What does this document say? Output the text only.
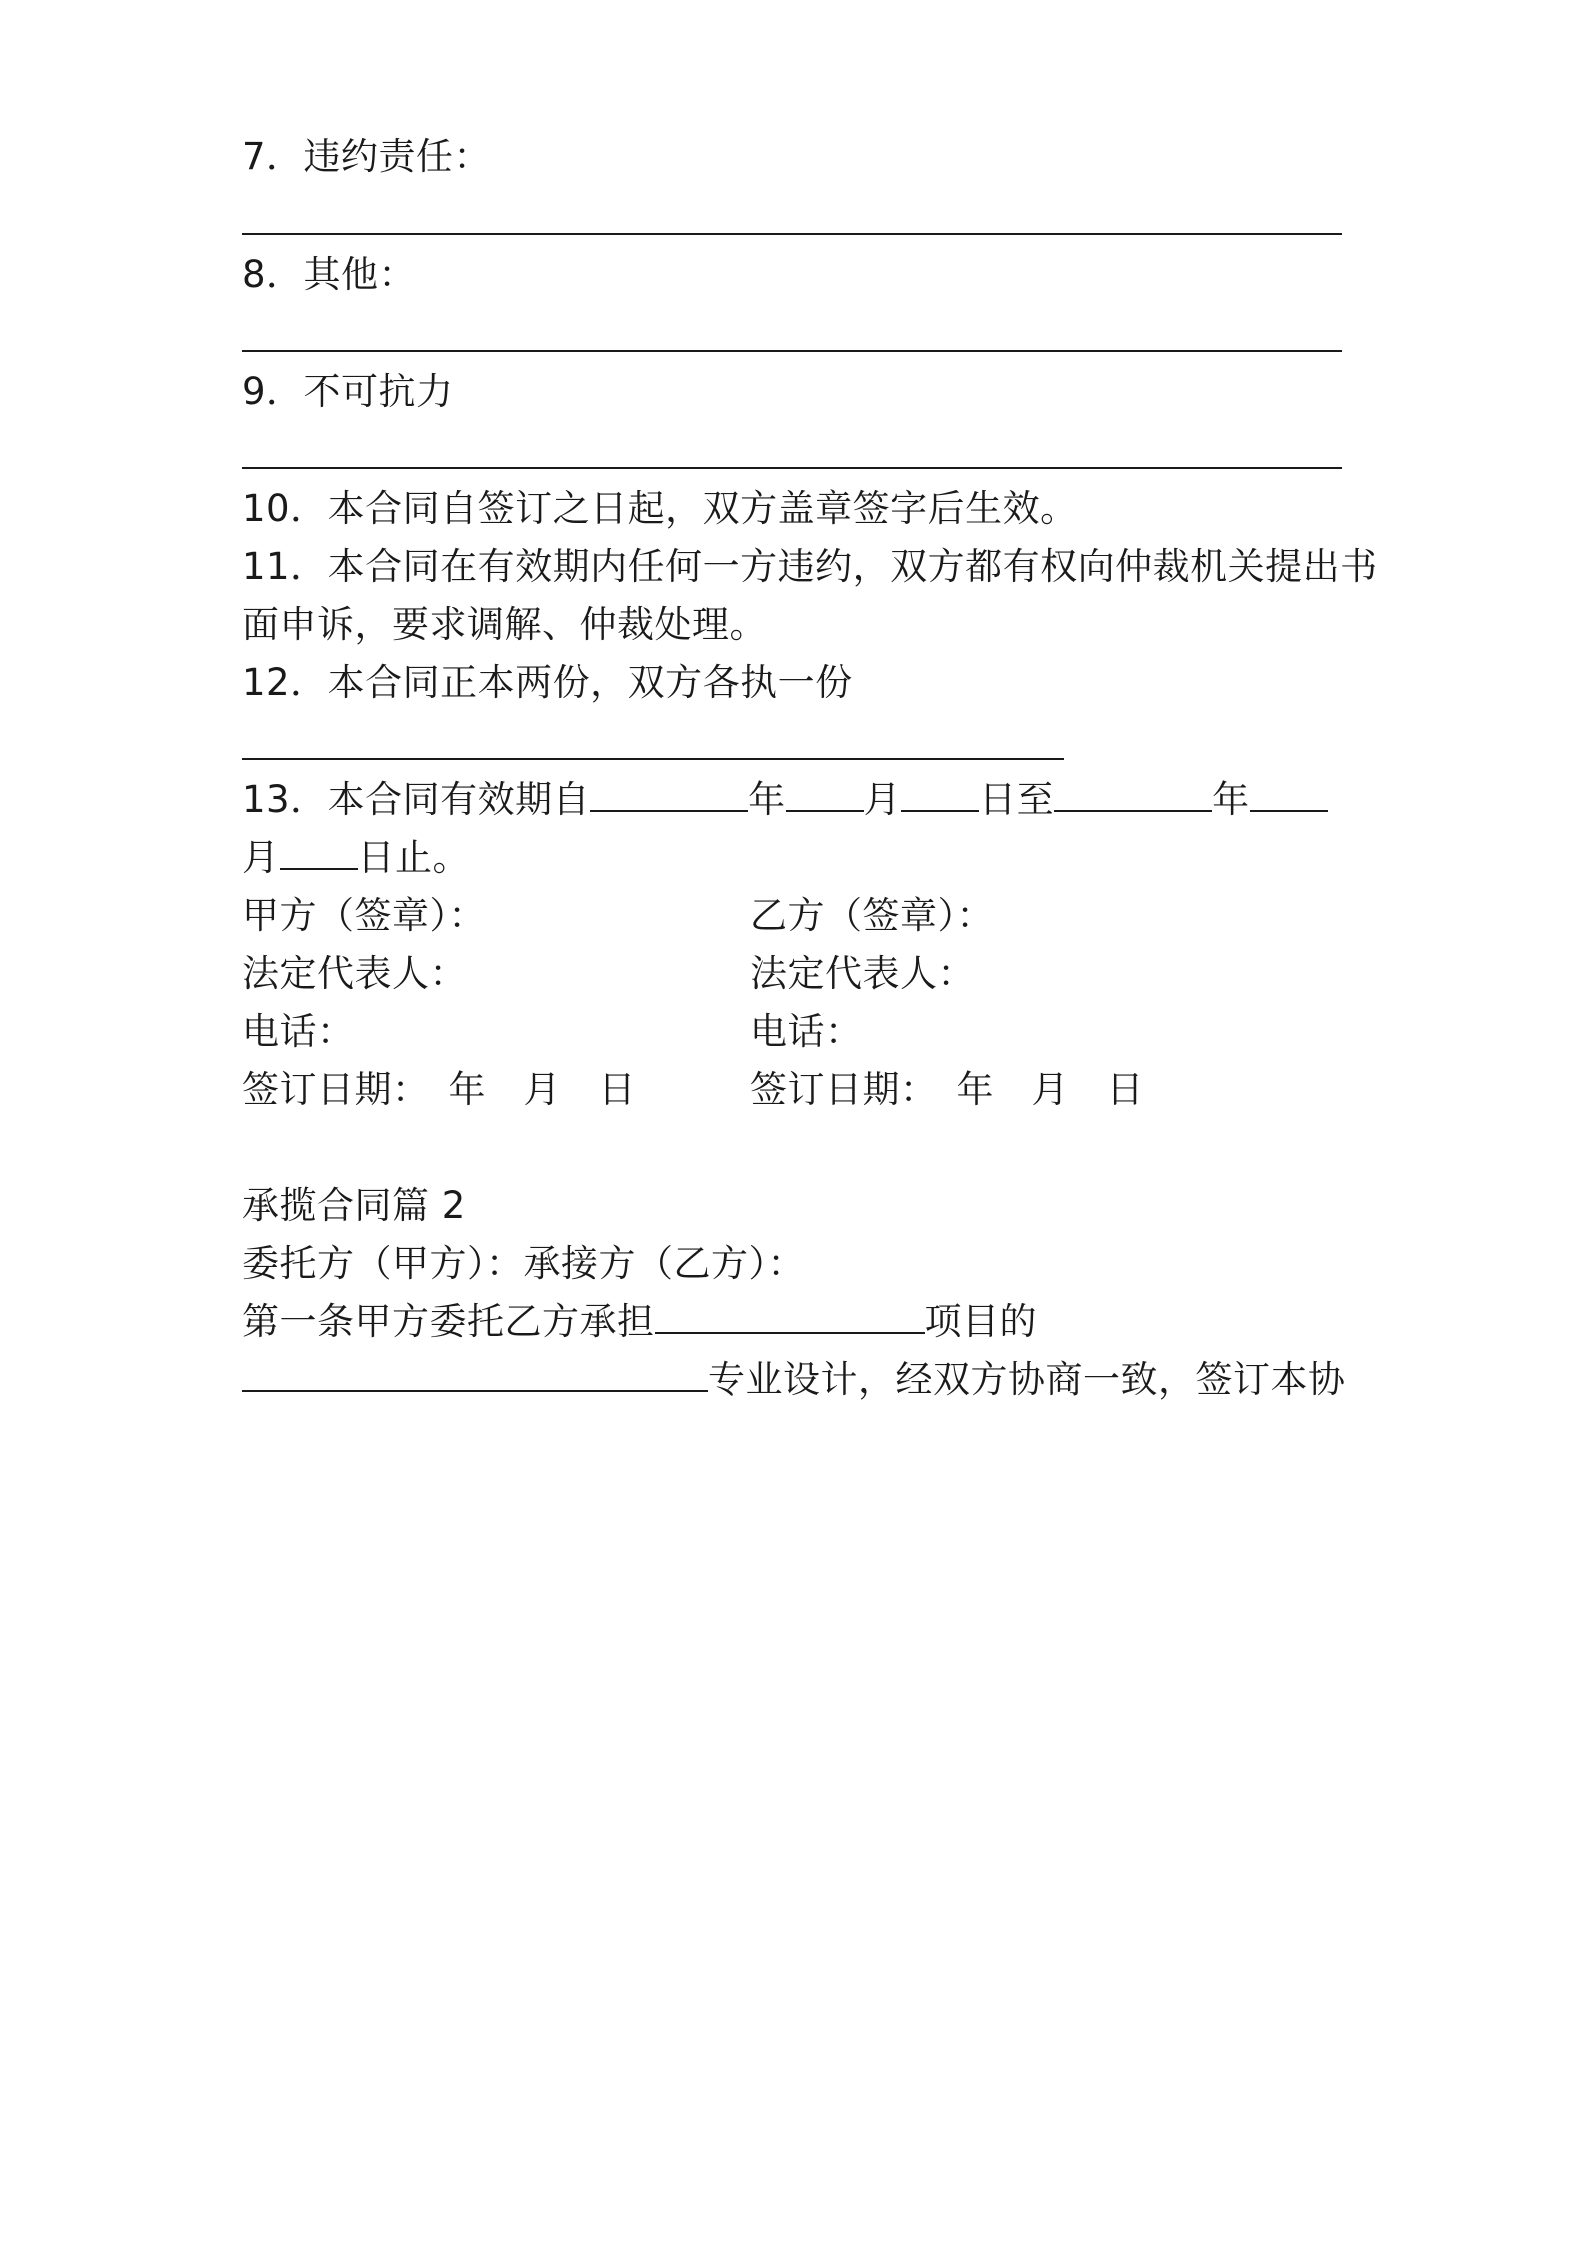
7．违约责任：
8．其他：
9．不可抗力
10．本合同自签订之日起，双方盖章签字后生效。
11．本合同在有效期内任何一方违约，双方都有权向仲裁机关提出书
面申诉，要求调解、仲裁处理。
12．本合同正本两份，双方各执一份
13．本合同有效期自	年 月 日至	年
月 日止。
甲方（签章）：	乙方（签章）：
法定代表人：	法定代表人：
电话：	电话：
签订日期：　年　月　日	签订日期：　年　月　日
承揽合同篇 2
委托方（甲方）：承接方（乙方）：
第一条甲方委托乙方承担	项目的
专业设计，经双方协商一致，签订本协
